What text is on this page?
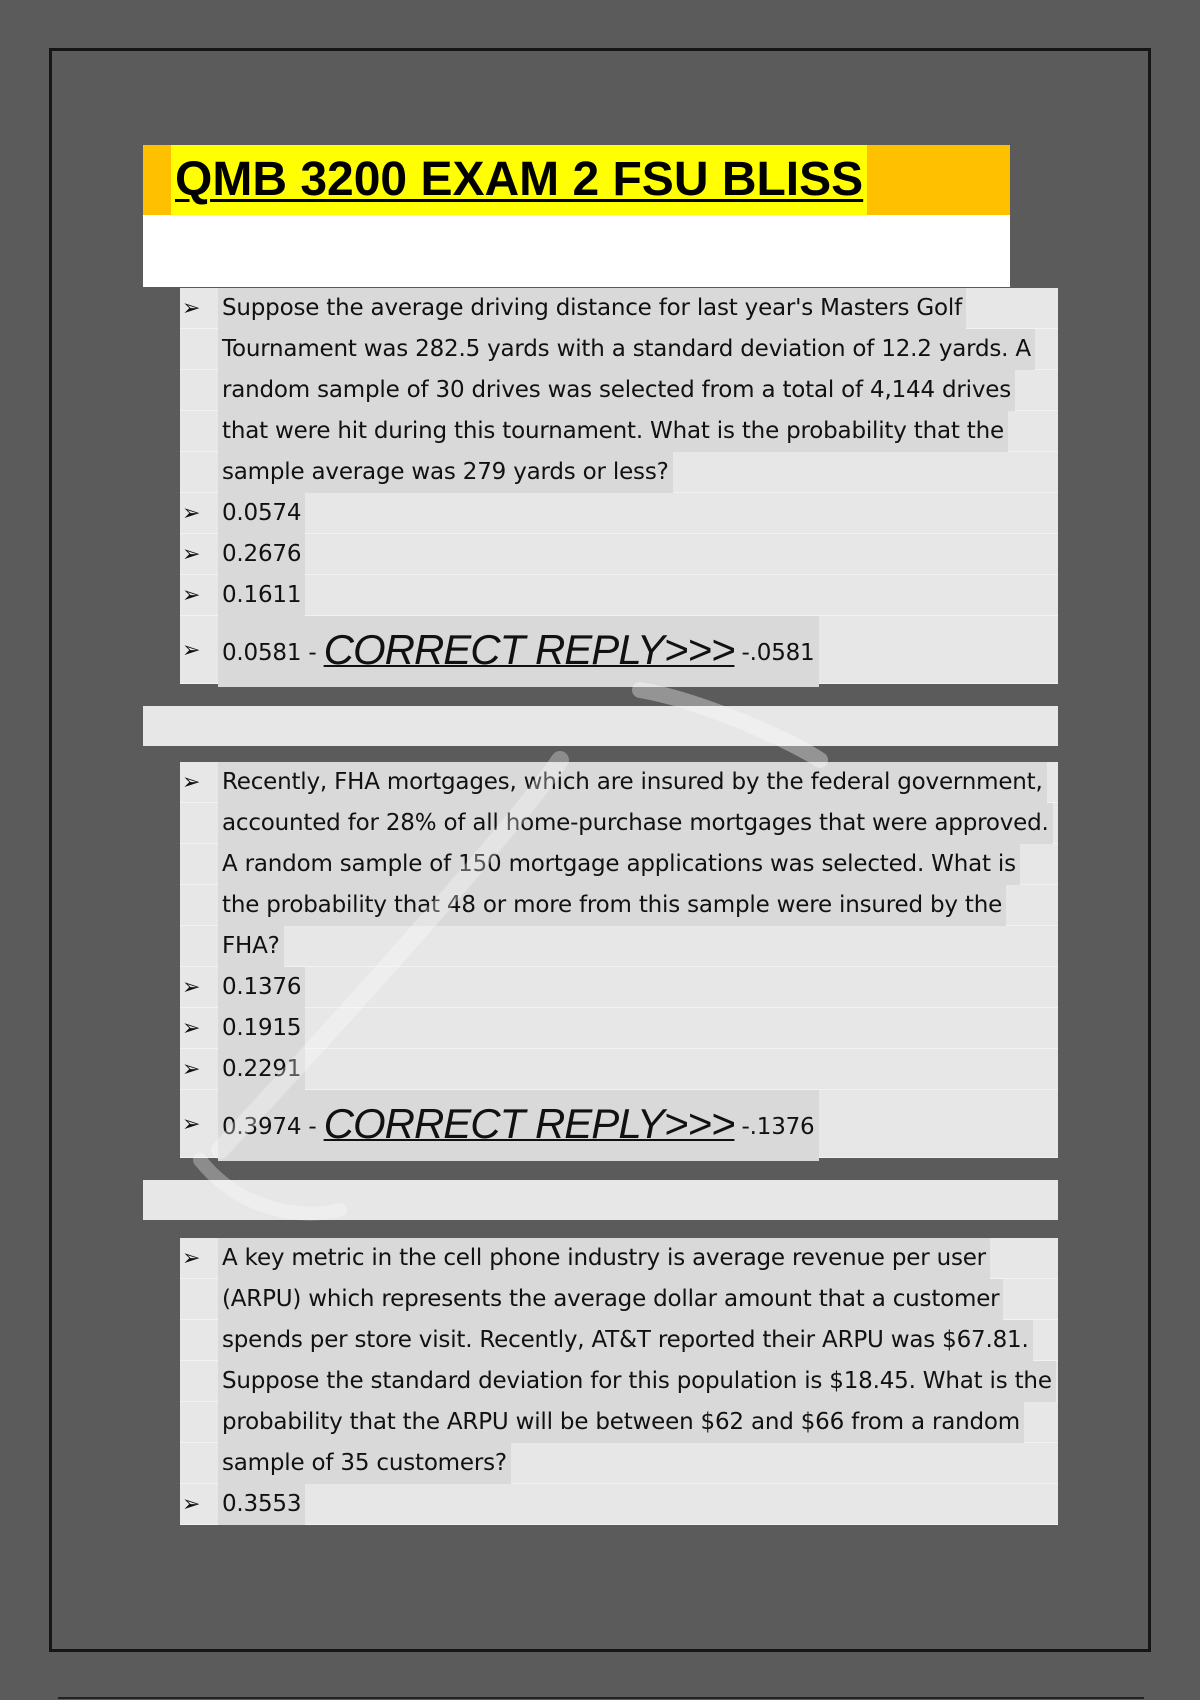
QMB 3200 EXAM 2 FSU BLISS
➢ Suppose the average driving distance for last year's Masters Golf
Tournament was 282.5 yards with a standard deviation of 12.2 yards. A
random sample of 30 drives was selected from a total of 4,144 drives
that were hit during this tournament. What is the probability that the
sample average was 279 yards or less?
➢ 0.0574
➢ 0.2676
➢ 0.1611
➢ 0.0581 - CORRECT REPLY>>> -.0581
➢ Recently, FHA mortgages, which are insured by the federal government,
accounted for 28% of all home-purchase mortgages that were approved.
A random sample of 150 mortgage applications was selected. What is
the probability that 48 or more from this sample were insured by the
FHA?
➢ 0.1376
➢ 0.1915
➢ 0.2291
➢ 0.3974 - CORRECT REPLY>>> -.1376
➢ A key metric in the cell phone industry is average revenue per user
(ARPU) which represents the average dollar amount that a customer
spends per store visit. Recently, AT&T reported their ARPU was $67.81.
Suppose the standard deviation for this population is $18.45. What is the
probability that the ARPU will be between $62 and $66 from a random
sample of 35 customers?
➢ 0.3553
